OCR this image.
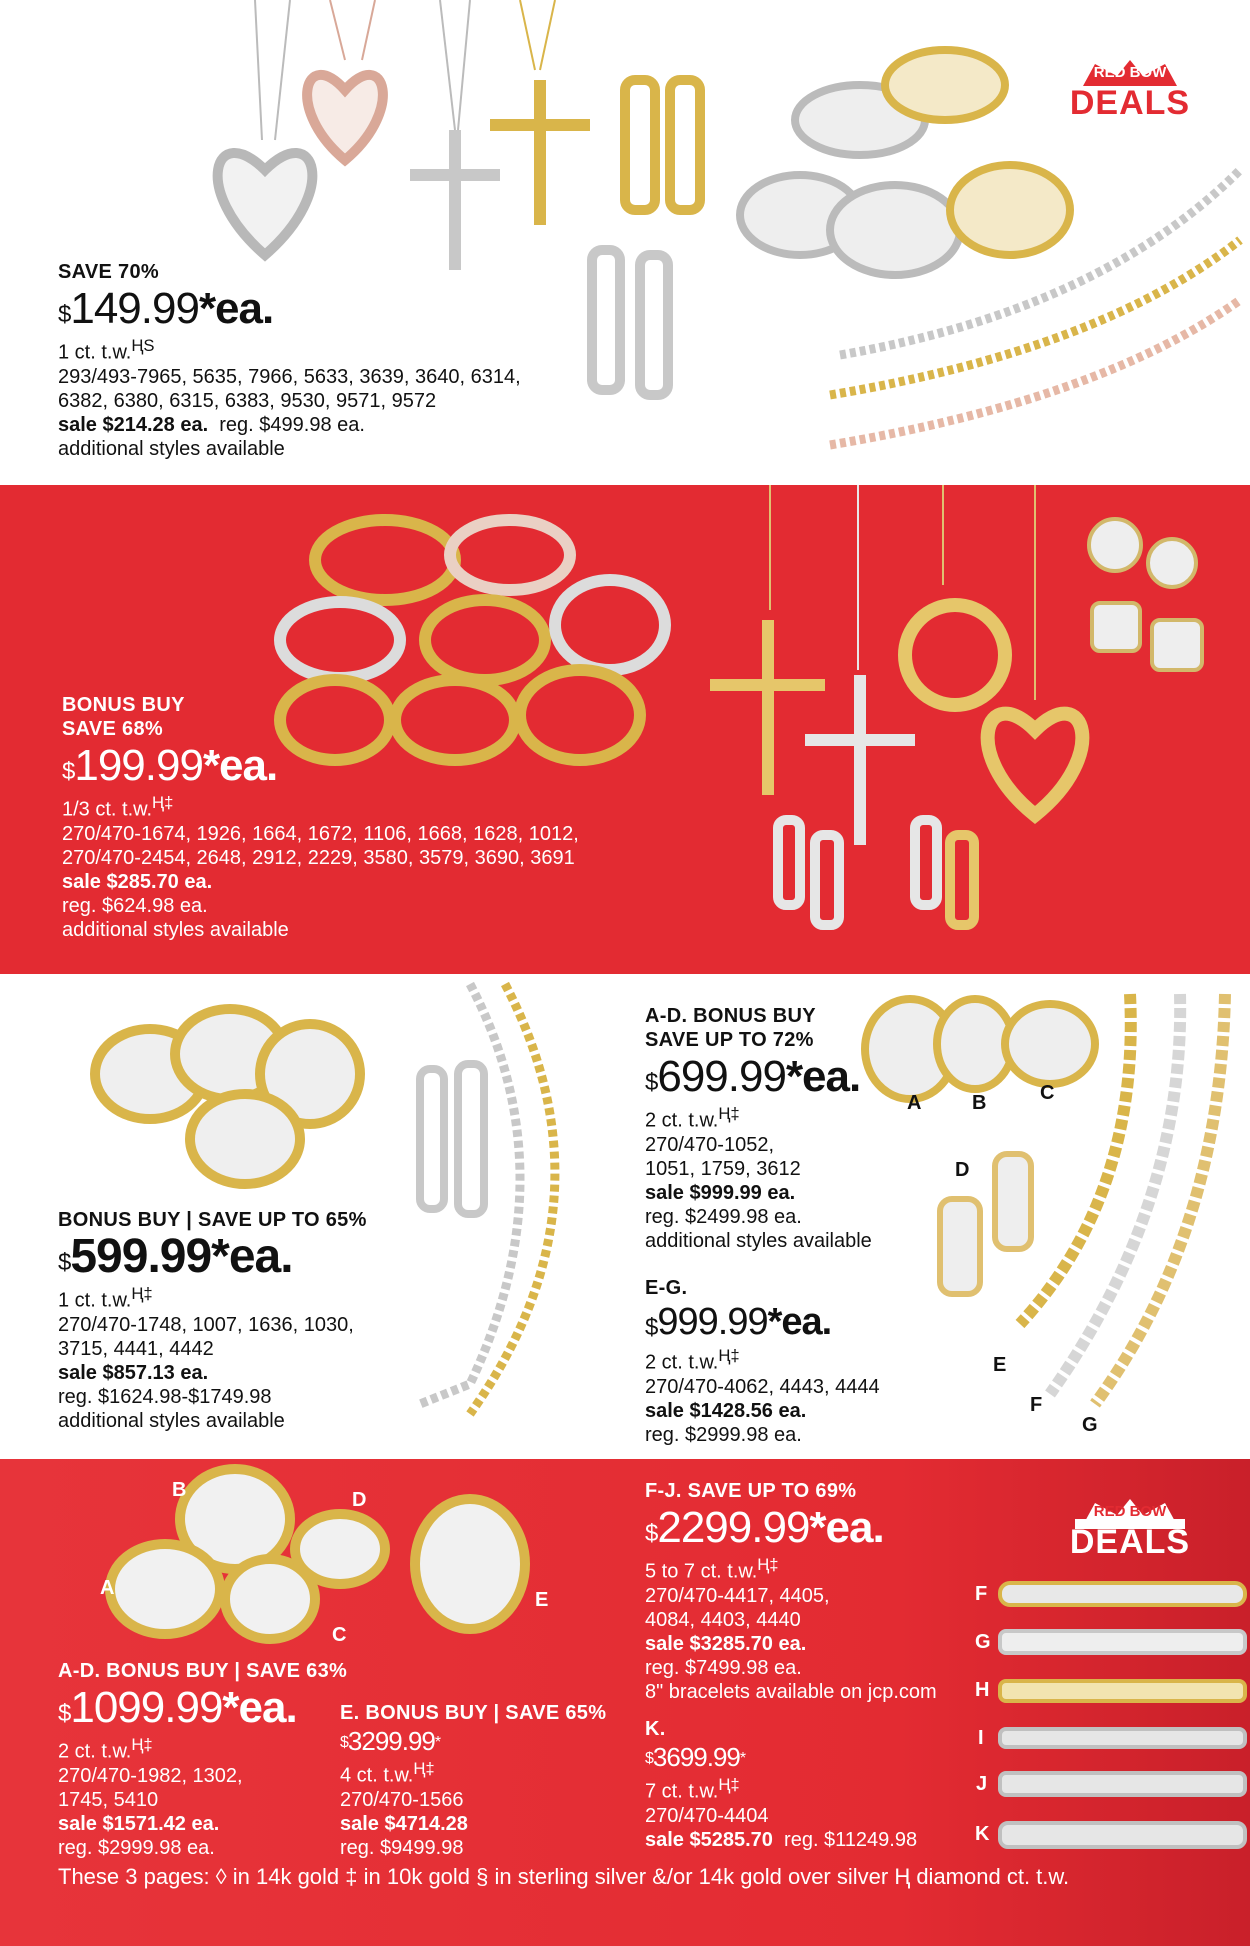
RED BOW
DEALS
SAVE 70%
$149.99*ea.
1 ct. t.w.$^{ⱧS}$
293/493-7965, 5635, 7966, 5633, 3639, 3640, 6314,
6382, 6380, 6315, 6383, 9530, 9571, 9572
sale $214.28 ea. reg. $499.98 ea.
additional styles available
BONUS BUY
SAVE 68%
$199.99*ea.
1/3 ct. t.w.$^{Ⱨ\ddagger}$
270/470-1674, 1926, 1664, 1672, 1106, 1668, 1628, 1012,
270/470-2454, 2648, 2912, 2229, 3580, 3579, 3690, 3691
sale $285.70 ea.
reg. $624.98 ea.
additional styles available
A	B	C
D
E
F
G
BONUS BUY | SAVE UP TO 65%
$599.99*ea.
1 ct. t.w.$^{Ⱨ\ddagger}$
270/470-1748, 1007, 1636, 1030,
3715, 4441, 4442
sale $857.13 ea.
reg. $1624.98-$1749.98
additional styles available
A-D. BONUS BUY
SAVE UP TO 72%
$699.99*ea.
2 ct. t.w.$^{Ⱨ\ddagger}$
270/470-1052,
1051, 1759, 3612
sale $999.99 ea.
reg. $2499.98 ea.
additional styles available
E-G.
$999.99*ea.
2 ct. t.w.$^{Ⱨ\ddagger}$
270/470-4062, 4443, 4444
sale $1428.56 ea.
reg. $2999.98 ea.
RED BOW
DEALS
B	D
A
C
E	F
G
H
I
J
K
A-D. BONUS BUY | SAVE 63%
$1099.99*ea.
2 ct. t.w.$^{Ⱨ\ddagger}$
270/470-1982, 1302,
1745, 5410
sale $1571.42 ea.
reg. $2999.98 ea.
E. BONUS BUY | SAVE 65%
$3299.99*
4 ct. t.w.$^{Ⱨ\ddagger}$
270/470-1566
sale $4714.28
reg. $9499.98
F-J. SAVE UP TO 69%
$2299.99*ea.
5 to 7 ct. t.w.$^{Ⱨ\ddagger}$
270/470-4417, 4405,
4084, 4403, 4440
sale $3285.70 ea.
reg. $7499.98 ea.
8" bracelets available on jcp.com
K.
$3699.99*
7 ct. t.w.$^{Ⱨ\ddagger}$
270/470-4404
sale $5285.70 reg. $11249.98
These 3 pages: ◊ in 14k gold ‡ in 10k gold § in sterling silver &/or 14k gold over silver Ⱨ diamond ct. t.w.
